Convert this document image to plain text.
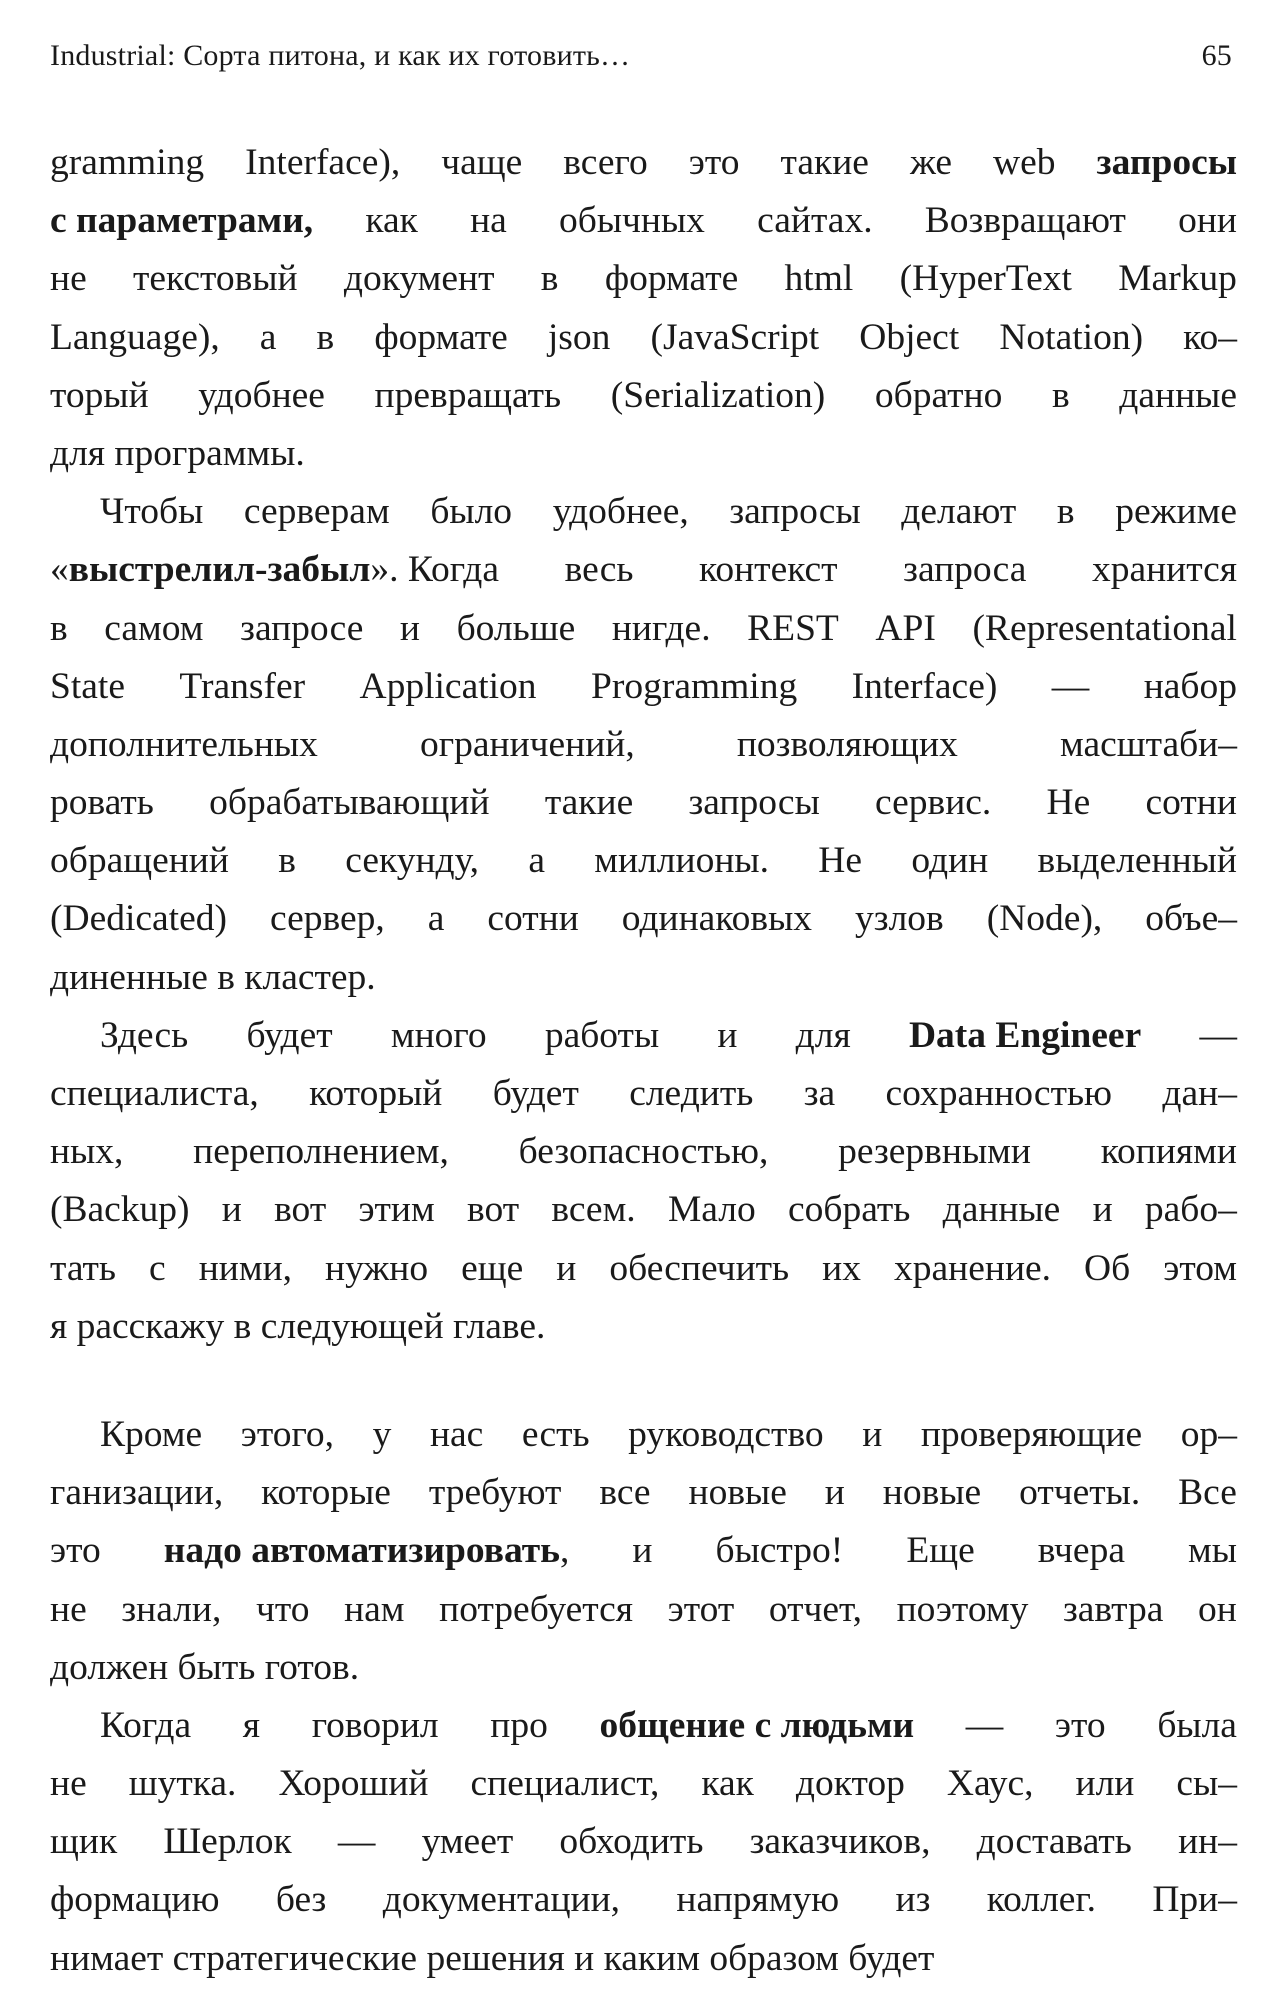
Industrial: Сорта питона, и как их готовить…	65
gramming Interface), чаще всего это такие же web запросы
с параметрами, как на обычных сайтах. Возвращают они
не текстовый документ в формате html (HyperText Markup
Language), а в формате json (JavaScript Object Notation) ко–
торый удобнее превращать (Serialization) обратно в данные
для программы.
Чтобы серверам было удобнее, запросы делают в режиме
«выстрелил-забыл». Когда весь контекст запроса хранится
в самом запросе и больше нигде. REST API (Representational
State Transfer Application Programming Interface) — набор
дополнительных	ограничений,	позволяющих	масштаби–
ровать обрабатывающий такие запросы сервис. Не сотни
обращений в секунду, а миллионы. Не один выделенный
(Dedicated) сервер, а сотни одинаковых узлов (Node), объе–
диненные в кластер.
Здесь будет много работы и для Data Engineer —
специалиста, который будет следить за сохранностью дан–
ных, переполнением, безопасностью, резервными копиями
(Backup) и вот этим вот всем. Мало собрать данные и рабо–
тать с ними, нужно еще и обеспечить их хранение. Об этом
я расскажу в следующей главе.
Кроме этого, у нас есть руководство и проверяющие ор–
ганизации, которые требуют все новые и новые отчеты. Все
это надо автоматизировать, и быстро! Еще вчера мы
не знали, что нам потребуется этот отчет, поэтому завтра он
должен быть готов.
Когда я говорил про общение с людьми — это была
не шутка. Хороший специалист, как доктор Хаус, или сы–
щик Шерлок — умеет обходить заказчиков, доставать ин–
формацию без документации, напрямую из коллег. При–
нимает
стратегические
решения
и
каким
образом
будет
